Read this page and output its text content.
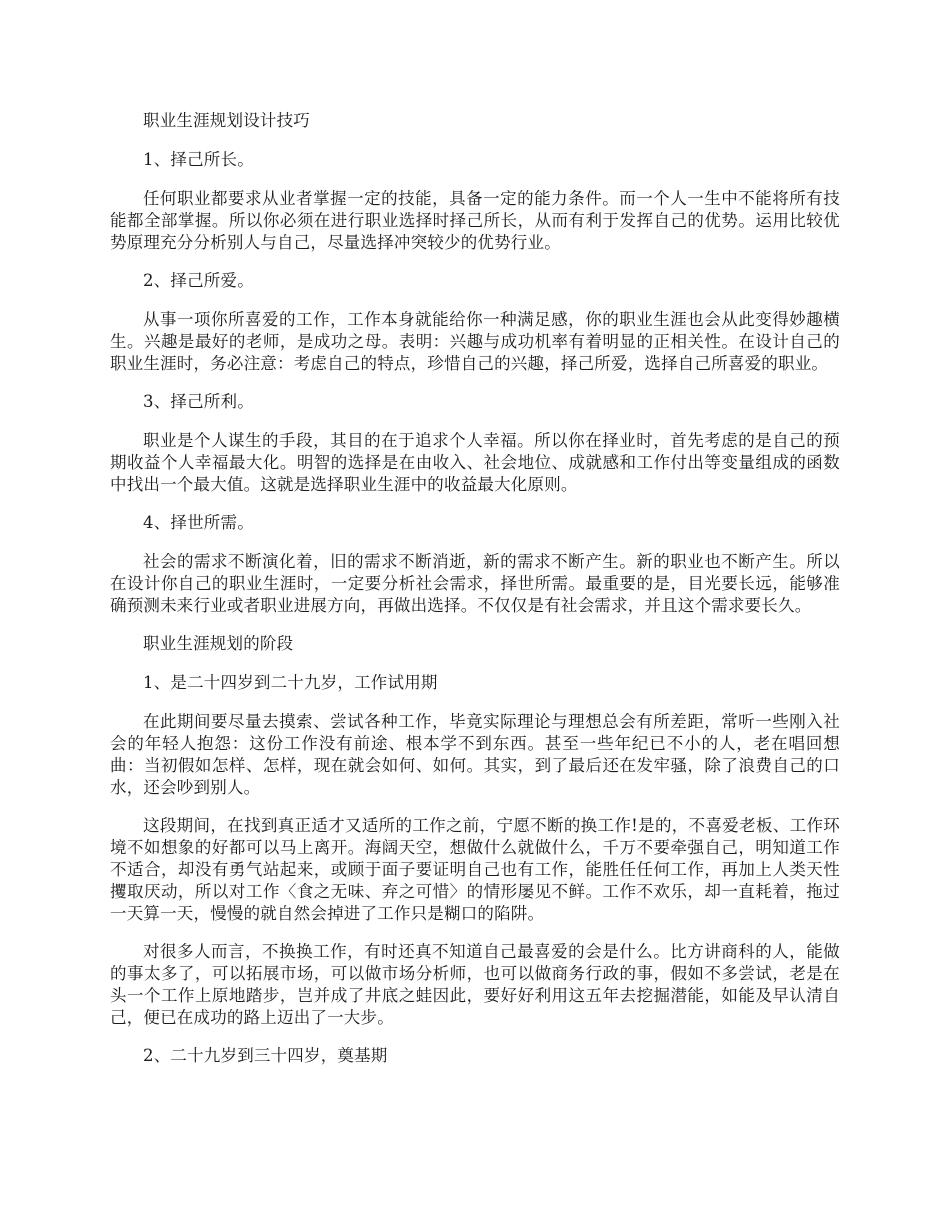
职业生涯规划设计技巧

1、择己所长。

任何职业都要求从业者掌握一定的技能，具备一定的能力条件。而一个人一生中不能将所有技能都全部掌握。所以你必须在进行职业选择时择己所长，从而有利于发挥自己的优势。运用比较优势原理充分分析别人与自己，尽量选择冲突较少的优势行业。

2、择己所爱。

从事一项你所喜爱的工作，工作本身就能给你一种满足感，你的职业生涯也会从此变得妙趣横生。兴趣是最好的老师，是成功之母。表明：兴趣与成功机率有着明显的正相关性。在设计自己的职业生涯时，务必注意：考虑自己的特点，珍惜自己的兴趣，择己所爱，选择自己所喜爱的职业。

3、择己所利。

职业是个人谋生的手段，其目的在于追求个人幸福。所以你在择业时，首先考虑的是自己的预期收益个人幸福最大化。明智的选择是在由收入、社会地位、成就感和工作付出等变量组成的函数中找出一个最大值。这就是选择职业生涯中的收益最大化原则。

4、择世所需。

社会的需求不断演化着，旧的需求不断消逝，新的需求不断产生。新的职业也不断产生。所以在设计你自己的职业生涯时，一定要分析社会需求，择世所需。最重要的是，目光要长远，能够准确预测未来行业或者职业进展方向，再做出选择。不仅仅是有社会需求，并且这个需求要长久。

职业生涯规划的阶段

1、是二十四岁到二十九岁，工作试用期

在此期间要尽量去摸索、尝试各种工作，毕竟实际理论与理想总会有所差距，常听一些刚入社会的年轻人抱怨：这份工作没有前途、根本学不到东西。甚至一些年纪已不小的人，老在唱回想曲：当初假如怎样、怎样，现在就会如何、如何。其实，到了最后还在发牢骚，除了浪费自己的口水，还会吵到别人。

这段期间，在找到真正适才又适所的工作之前，宁愿不断的换工作!是的，不喜爱老板、工作环境不如想象的好都可以马上离开。海阔天空，想做什么就做什么，千万不要牵强自己，明知道工作不适合，却没有勇气站起来，或顾于面子要证明自己也有工作，能胜任任何工作，再加上人类天性攫取厌动，所以对工作〈食之无味、弃之可惜〉的情形屡见不鲜。工作不欢乐，却一直耗着，拖过一天算一天，慢慢的就自然会掉进了工作只是糊口的陷阱。

对很多人而言，不换换工作，有时还真不知道自己最喜爱的会是什么。比方讲商科的人，能做的事太多了，可以拓展市场，可以做市场分析师，也可以做商务行政的事，假如不多尝试，老是在头一个工作上原地踏步，岂并成了井底之蛙因此，要好好利用这五年去挖掘潜能，如能及早认清自己，便已在成功的路上迈出了一大步。

2、二十九岁到三十四岁，奠基期
